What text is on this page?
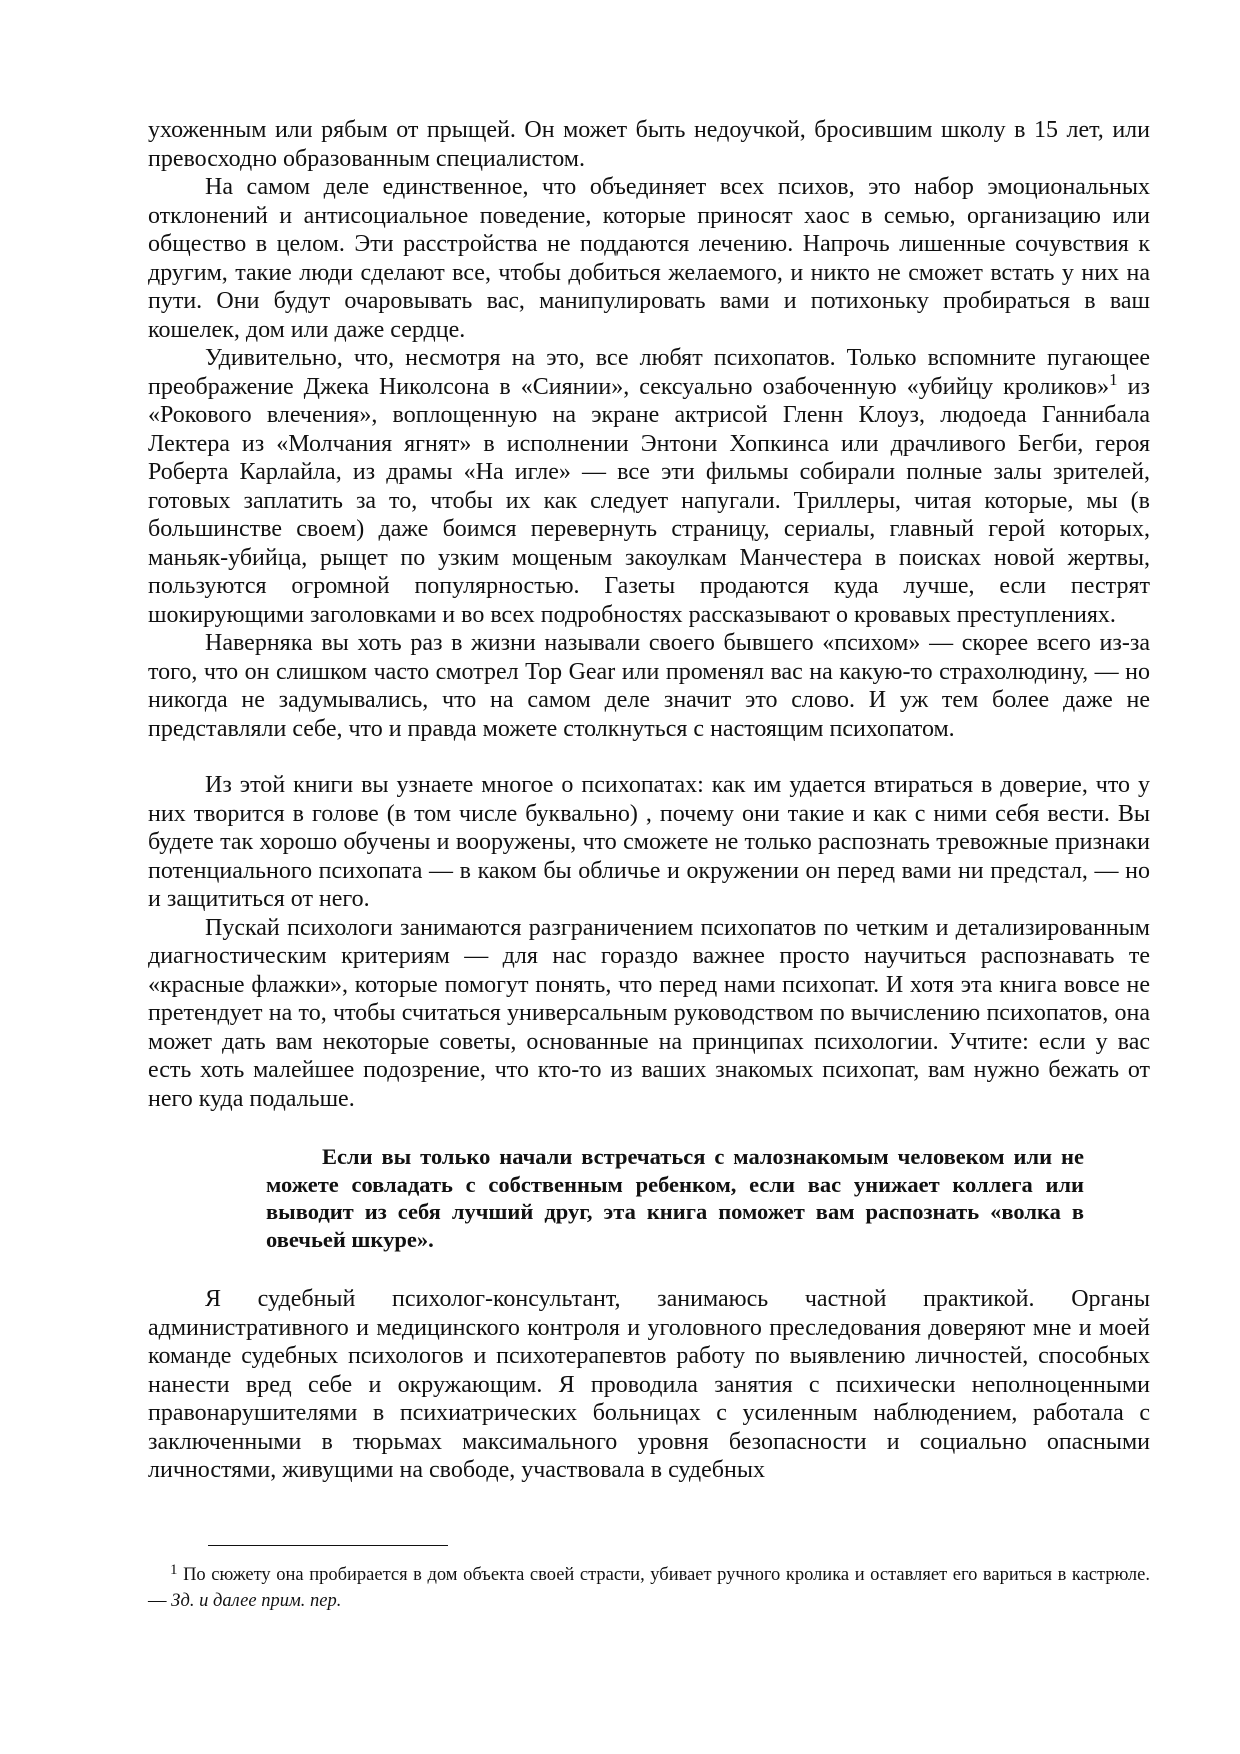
ухоженным или рябым от прыщей. Он может быть недоучкой, бросившим школу в 15 лет, или превосходно образованным специалистом.

На самом деле единственное, что объединяет всех психов, это набор эмоциональных отклонений и антисоциальное поведение, которые приносят хаос в семью, организацию или общество в целом. Эти расстройства не поддаются лечению. Напрочь лишенные сочувствия к другим, такие люди сделают все, чтобы добиться желаемого, и никто не сможет встать у них на пути. Они будут очаровывать вас, манипулировать вами и потихоньку пробираться в ваш кошелек, дом или даже сердце.

Удивительно, что, несмотря на это, все любят психопатов. Только вспомните пугающее преображение Джека Николсона в «Сиянии», сексуально озабоченную «убийцу кроликов»$^1$ из «Рокового влечения», воплощенную на экране актрисой Гленн Клоуз, людоеда Ганнибала Лектера из «Молчания ягнят» в исполнении Энтони Хопкинса или драчливого Бегби, героя Роберта Карлайла, из драмы «На игле» — все эти фильмы собирали полные залы зрителей, готовых заплатить за то, чтобы их как следует напугали. Триллеры, читая которые, мы (в большинстве своем) даже боимся перевернуть страницу, сериалы, главный герой которых, маньяк-убийца, рыщет по узким мощеным закоулкам Манчестера в поисках новой жертвы, пользуются огромной популярностью. Газеты продаются куда лучше, если пестрят шокирующими заголовками и во всех подробностях рассказывают о кровавых преступлениях.

Наверняка вы хоть раз в жизни называли своего бывшего «психом» — скорее всего из-за того, что он слишком часто смотрел Top Gear или променял вас на какую-то страхолюдину, — но никогда не задумывались, что на самом деле значит это слово. И уж тем более даже не представляли себе, что и правда можете столкнуться с настоящим психопатом.

Из этой книги вы узнаете многое о психопатах: как им удается втираться в доверие, что у них творится в голове (в том числе буквально) , почему они такие и как с ними себя вести. Вы будете так хорошо обучены и вооружены, что сможете не только распознать тревожные признаки потенциального психопата — в каком бы обличье и окружении он перед вами ни предстал, — но и защититься от него.

Пускай психологи занимаются разграничением психопатов по четким и детализированным диагностическим критериям — для нас гораздо важнее просто научиться распознавать те «красные флажки», которые помогут понять, что перед нами психопат. И хотя эта книга вовсе не претендует на то, чтобы считаться универсальным руководством по вычислению психопатов, она может дать вам некоторые советы, основанные на принципах психологии. Учтите: если у вас есть хоть малейшее подозрение, что кто-то из ваших знакомых психопат, вам нужно бежать от него куда подальше.

Если вы только начали встречаться с малознакомым человеком или не можете совладать с собственным ребенком, если вас унижает коллега или выводит из себя лучший друг, эта книга поможет вам распознать «волка в овечьей шкуре».

Я судебный психолог-консультант, занимаюсь частной практикой. Органы административного и медицинского контроля и уголовного преследования доверяют мне и моей команде судебных психологов и психотерапевтов работу по выявлению личностей, способных нанести вред себе и окружающим. Я проводила занятия с психически неполноценными правонарушителями в психиатрических больницах с усиленным наблюдением, работала с заключенными в тюрьмах максимального уровня безопасности и социально опасными личностями, живущими на свободе, участвовала в судебных

$^1$ По сюжету она пробирается в дом объекта своей страсти, убивает ручного кролика и оставляет его вариться в кастрюле. — Зд. и далее прим. пер.
